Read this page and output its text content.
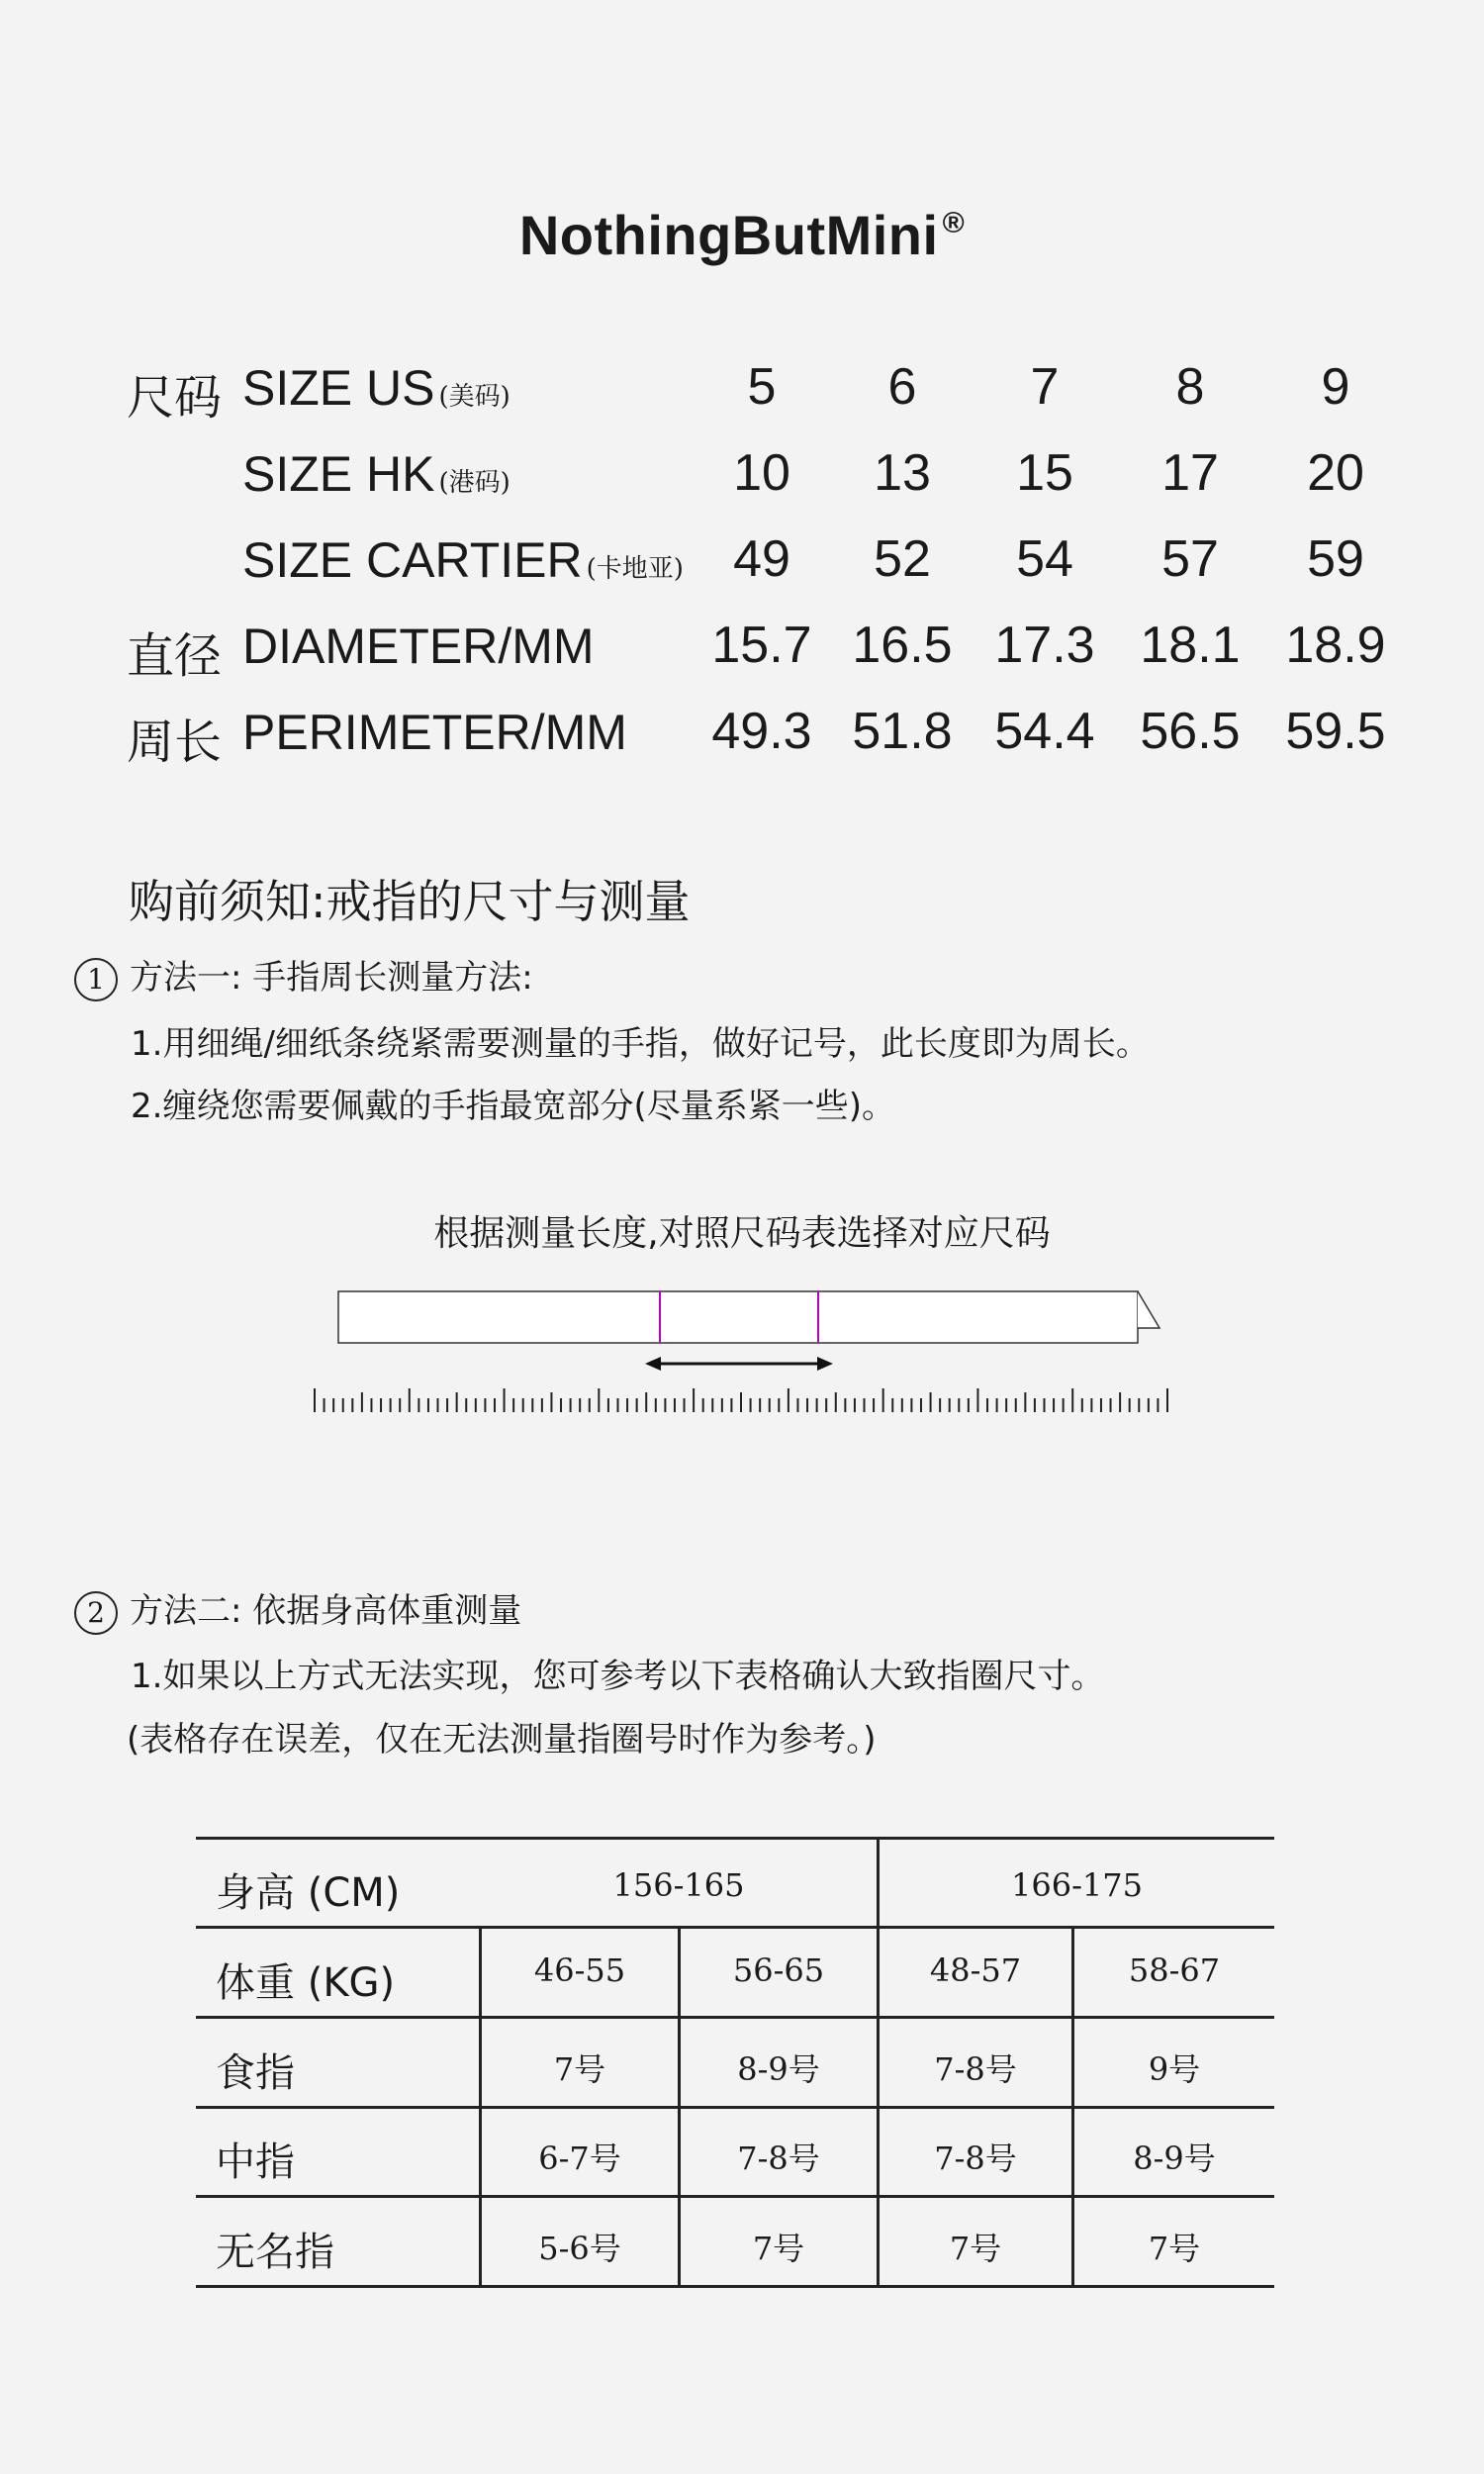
NothingButMini ®
尺码 SIZE US (美码)	5	6	7	8	9
SIZE HK (港码)	10	13	15	17	20
SIZE CARTIER (卡地亚) 49	52	54	57	59
直径 DIAMETER/MM	15.7 16.5 17.3 18.1 18.9
周长 PERIMETER/MM	49.3 51.8 54.4 56.5 59.5
购前须知:戒指的尺寸与测量
1 方法一: 手指周长测量方法:
1.用细绳/细纸条绕紧需要测量的手指，做好记号，此长度即为周长。
2.缠绕您需要佩戴的手指最宽部分(尽量系紧一些)。
根据测量长度,对照尺码表选择对应尺码
2 方法二: 依据身高体重测量
1.如果以上方式无法实现，您可参考以下表格确认大致指圈尺寸。
(表格存在误差，仅在无法测量指圈号时作为参考。)
身高 (CM)	156-165	166-175
体重 (KG)	46-55	56-65	48-57	58-67
食指	7号	8-9号	7-8号	9号
中指	6-7号	7-8号	7-8号	8-9号
无名指	5-6号	7号	7号	7号
